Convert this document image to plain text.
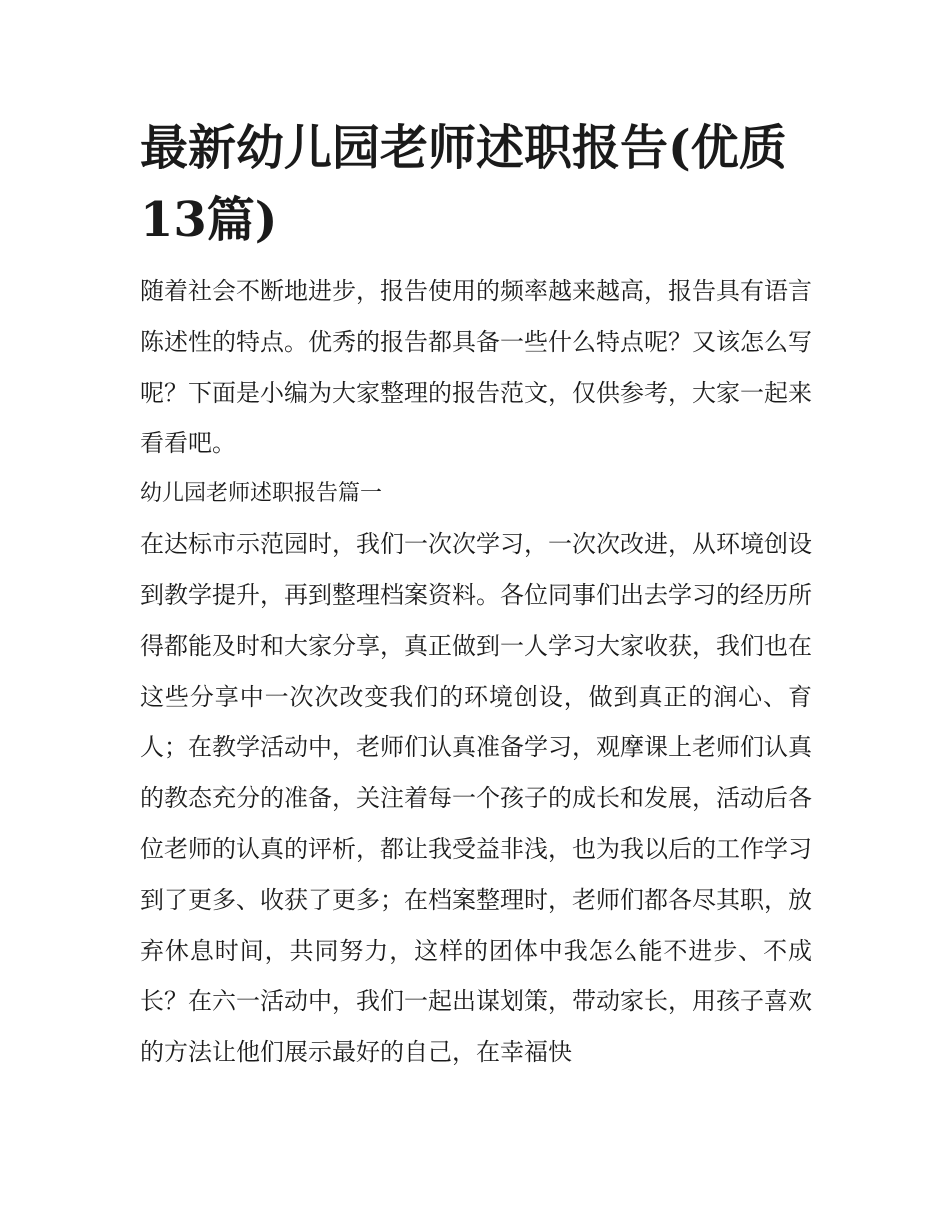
最新幼儿园老师述职报告(优质13篇)

随着社会不断地进步，报告使用的频率越来越高，报告具有语言陈述性的特点。优秀的报告都具备一些什么特点呢？又该怎么写呢？下面是小编为大家整理的报告范文，仅供参考，大家一起来看看吧。

幼儿园老师述职报告篇一

在达标市示范园时，我们一次次学习，一次次改进，从环境创设到教学提升，再到整理档案资料。各位同事们出去学习的经历所得都能及时和大家分享，真正做到一人学习大家收获，我们也在这些分享中一次次改变我们的环境创设，做到真正的润心、育人；在教学活动中，老师们认真准备学习，观摩课上老师们认真的教态充分的准备，关注着每一个孩子的成长和发展，活动后各位老师的认真的评析，都让我受益非浅，也为我以后的工作学习到了更多、收获了更多；在档案整理时，老师们都各尽其职，放弃休息时间，共同努力，这样的团体中我怎么能不进步、不成长？在六一活动中，我们一起出谋划策，带动家长，用孩子喜欢的方法让他们展示最好的自己，在幸福快
